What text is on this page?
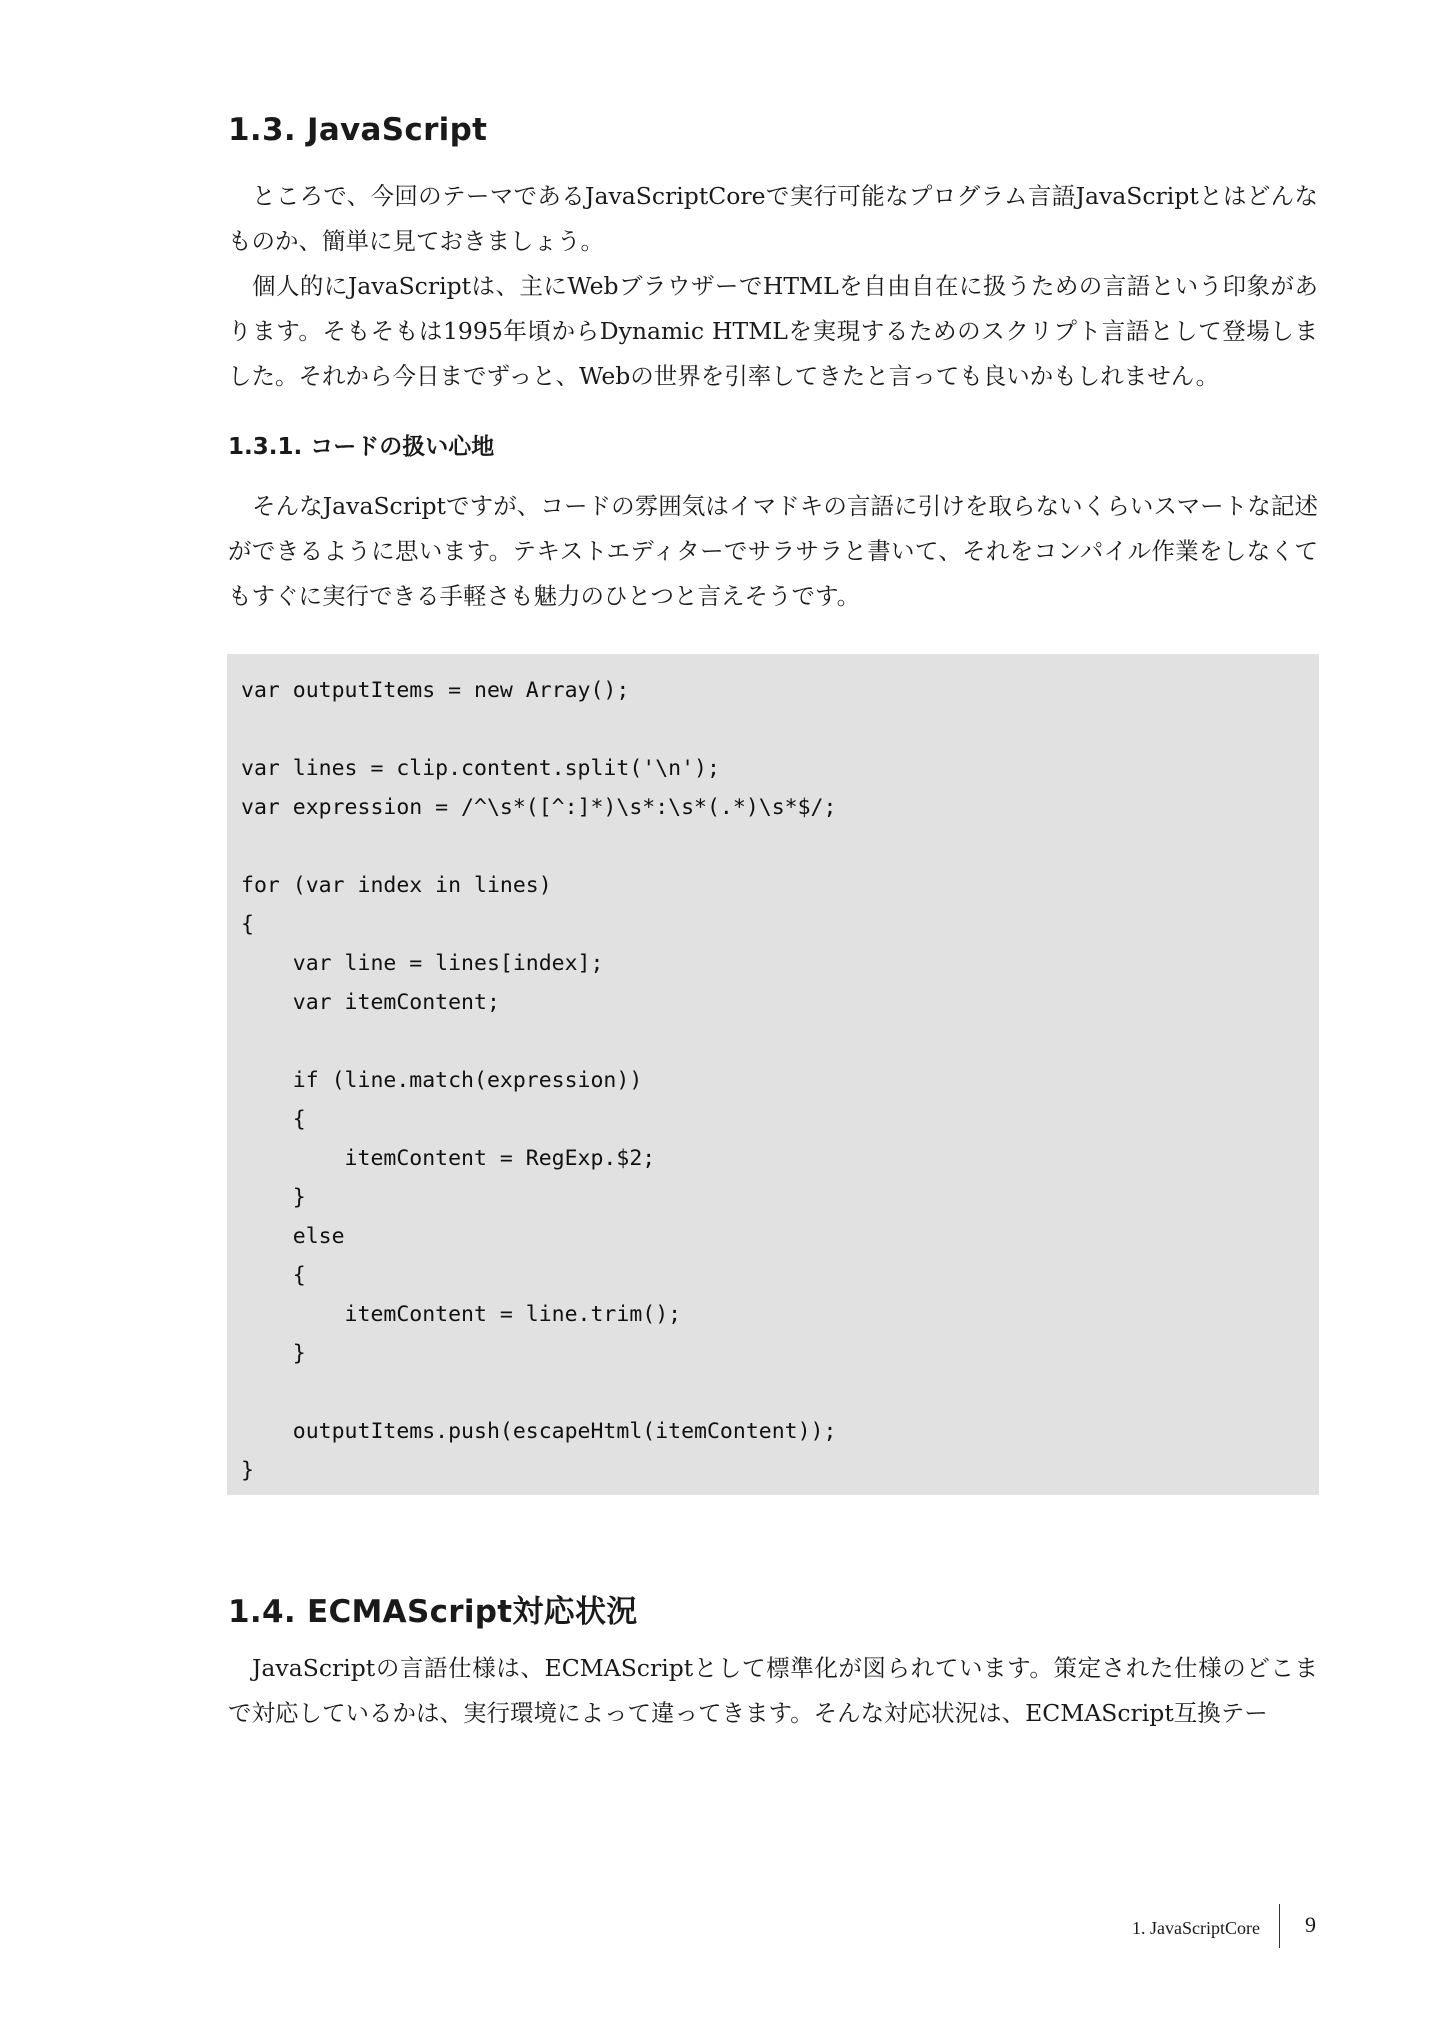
1.3. JavaScript

ところで、今回のテーマであるJavaScriptCoreで実行可能なプログラム言語JavaScriptとはどんなものか、簡単に見ておきましょう。

個人的にJavaScriptは、主にWebブラウザーでHTMLを自由自在に扱うための言語という印象があります。そもそもは1995年頃からDynamic HTMLを実現するためのスクリプト言語として登場しました。それから今日までずっと、Webの世界を引率してきたと言っても良いかもしれません。

1.3.1. コードの扱い心地

そんなJavaScriptですが、コードの雰囲気はイマドキの言語に引けを取らないくらいスマートな記述ができるように思います。テキストエディターでサラサラと書いて、それをコンパイル作業をしなくてもすぐに実行できる手軽さも魅力のひとつと言えそうです。

var outputItems = new Array();
var lines = clip.content.split('\n');
var expression = /^\s*([^:]*)\s*:\s*(.*)\s*$/;
for (var index in lines)
{
var line = lines[index];
var itemContent;
if (line.match(expression))
{
itemContent = RegExp.$2;
}
else
{
itemContent = line.trim();
}
outputItems.push(escapeHtml(itemContent));
}
1.4. ECMAScript対応状況

JavaScriptの言語仕様は、ECMAScriptとして標準化が図られています。策定された仕様のどこまで対応しているかは、実行環境によって違ってきます。そんな対応状況は、ECMAScript互換テー

1. JavaScriptCore 9
